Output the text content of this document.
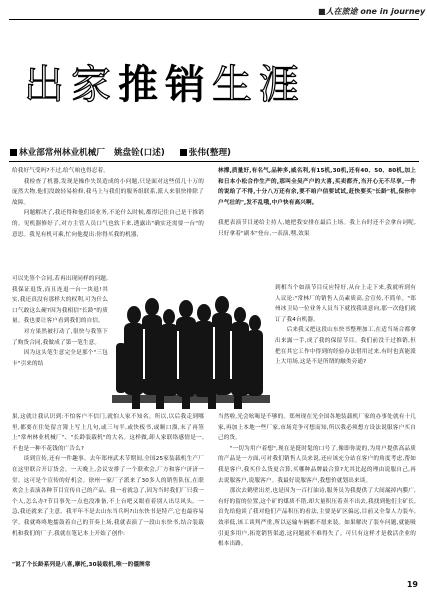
■人在旅途 one in journey
出家推销生涯
林业部常州林业机械厂 姚盘铨(口述)	张伟(整理)
给我好气受吗?不过,给气咱也得忍着。
　　我检查了机器,发现是操作失误造成的小问题,只是面对这些值几十万的庞然大物,他们没敢轻易检修,我马上与我们的服务组联系,派人来很快排除了故障。
　　问题解决了,我还得和他们谈业务,不论什么时候,都得记住自己是干推销的。见机器修好了,对方主管人员口气也软下来,透露出"确实还需要一台"的意思。我见有机可乘,忙向他提出:你得买我的机器,
可以先签个合同,若再出现同样的问题,我保证退货,而且连退一台一块退!其实,我还真没有那样大的权利,可为什么口气敢这么硬?因为我相信"长龄"的质量。我也要让客户看到我们的自信。
　　对方果然被打动了,很快与我签下了购货合同,我做成了第一笔生意。
　　因为这头笔生意完全是那个"三包卡"引来的结
果,这就让我认识到:不怕客户不信门,就怕人家不知名。所以,以后我走到哪里,都要在住处留言簿上写上几句,或三句半,或快板书,或顺口溜,末了再签上"常州林业机械厂"、"长龄装载机"的大名。这样做,卸人家联络感情是一,不也是一种不花钱的广告么?
　　谈到宣传,还有一件趣事。去年郑州武术节期间,全国25家装载机生产厂在这里联合开订货会。一天晚上,会议安排了一个联欢会,厂方和客户济济一堂。这可是个宣传的好机会。徐州一家厂子派来了30多人的销售队伍,在联欢会上表演各种节目宣传自己的产品。我一看就急了,因为当时我们厂只我一个人,怎么办?节目事先一点也没准备,不上台吧又眼看着别人出尽风头。一急,我还就来了主意。我平年不是去山东当兵吗?山东快书是特产,它也最容易学。我就咚咚地擂鼓着自己的节奏上场,我就表演了一段山东快书,结合装载机和我们的厂子,我就在笔记本上开始了创作:
"说了个长龄系列是八喜,摩托,30装载机,唯一的僵牌常
林撑,质量好,有名气,品种多,威名利,有15机,30机,还有40、50、80机,加上和日本小松合作生产的,那叫全吴产户的大喜,买卖都齐,当开心无不尽享,一件的说给了不得,十分八万还有余,要不咱户信要试试,赶快要买"长龄"机,保你中户气壮的",发不乱哦,中户快有高兴啊。
我把表演节目递给主持人,她把我安排在最后上场。我上台时还不会拿台词呢,只好拿着"副本"登台,一表演,嘿,效果
到相当个如演节目反应特好,从台上走下来,我就听到有人议论:"常林厂的销售人员素质高,会宣传,不简单。"郑州冰卫局一位业务人员当下就找我谈意向,那一次他们就订了我4台机器。
　　后来我又把这段山东快书整理加工,在适当场合都拿出来露一手,成了我的保留节目。我们前没干过推销,但把在其它工作中得到的经验办法借用过来,有时也真能派上大用场,这是不是所谓的触类旁通?
当然啦,光会吆喝是不够的。郑州现在光全国各地装载机厂家的办事处就有十几家,再加上本地一些厂家,市场竞争可想而知,所以我必须想方设法说服客户买自己的货。
　　"一切为用户着想",现在是挺时髦的口号了,像即你说的,为用户提供高品质的产品是一方面,可对我们销售人员来说,还应该充分站在客户的角度考虑,帮如我是客户,我买什么货更合算,买哪种品牌最合算?尤其比起的理由说服自己,再去说服客户,说服客户。我最好说服客户,我想价就划出来谈。
　　那次去鹤壁出差,也是因为一百打油诗,服务员为我提供了大间漏掉内膜广,有好的留的位置,这个矿的煤质不错,却大量积压着卖不出去,我找到他们主矿长,首先给他谈了我对他们产品积压的看法,主要是矿区偏远,目前又全靠人力装车,效率低,该工谈判严重,所以运输车辆都不愿来装。如果解决了装车问题,就能吸引更多用户,拓宽销售渠道,这问题就不难得失了。可只有这样才是救活企业的根本出路。
19
